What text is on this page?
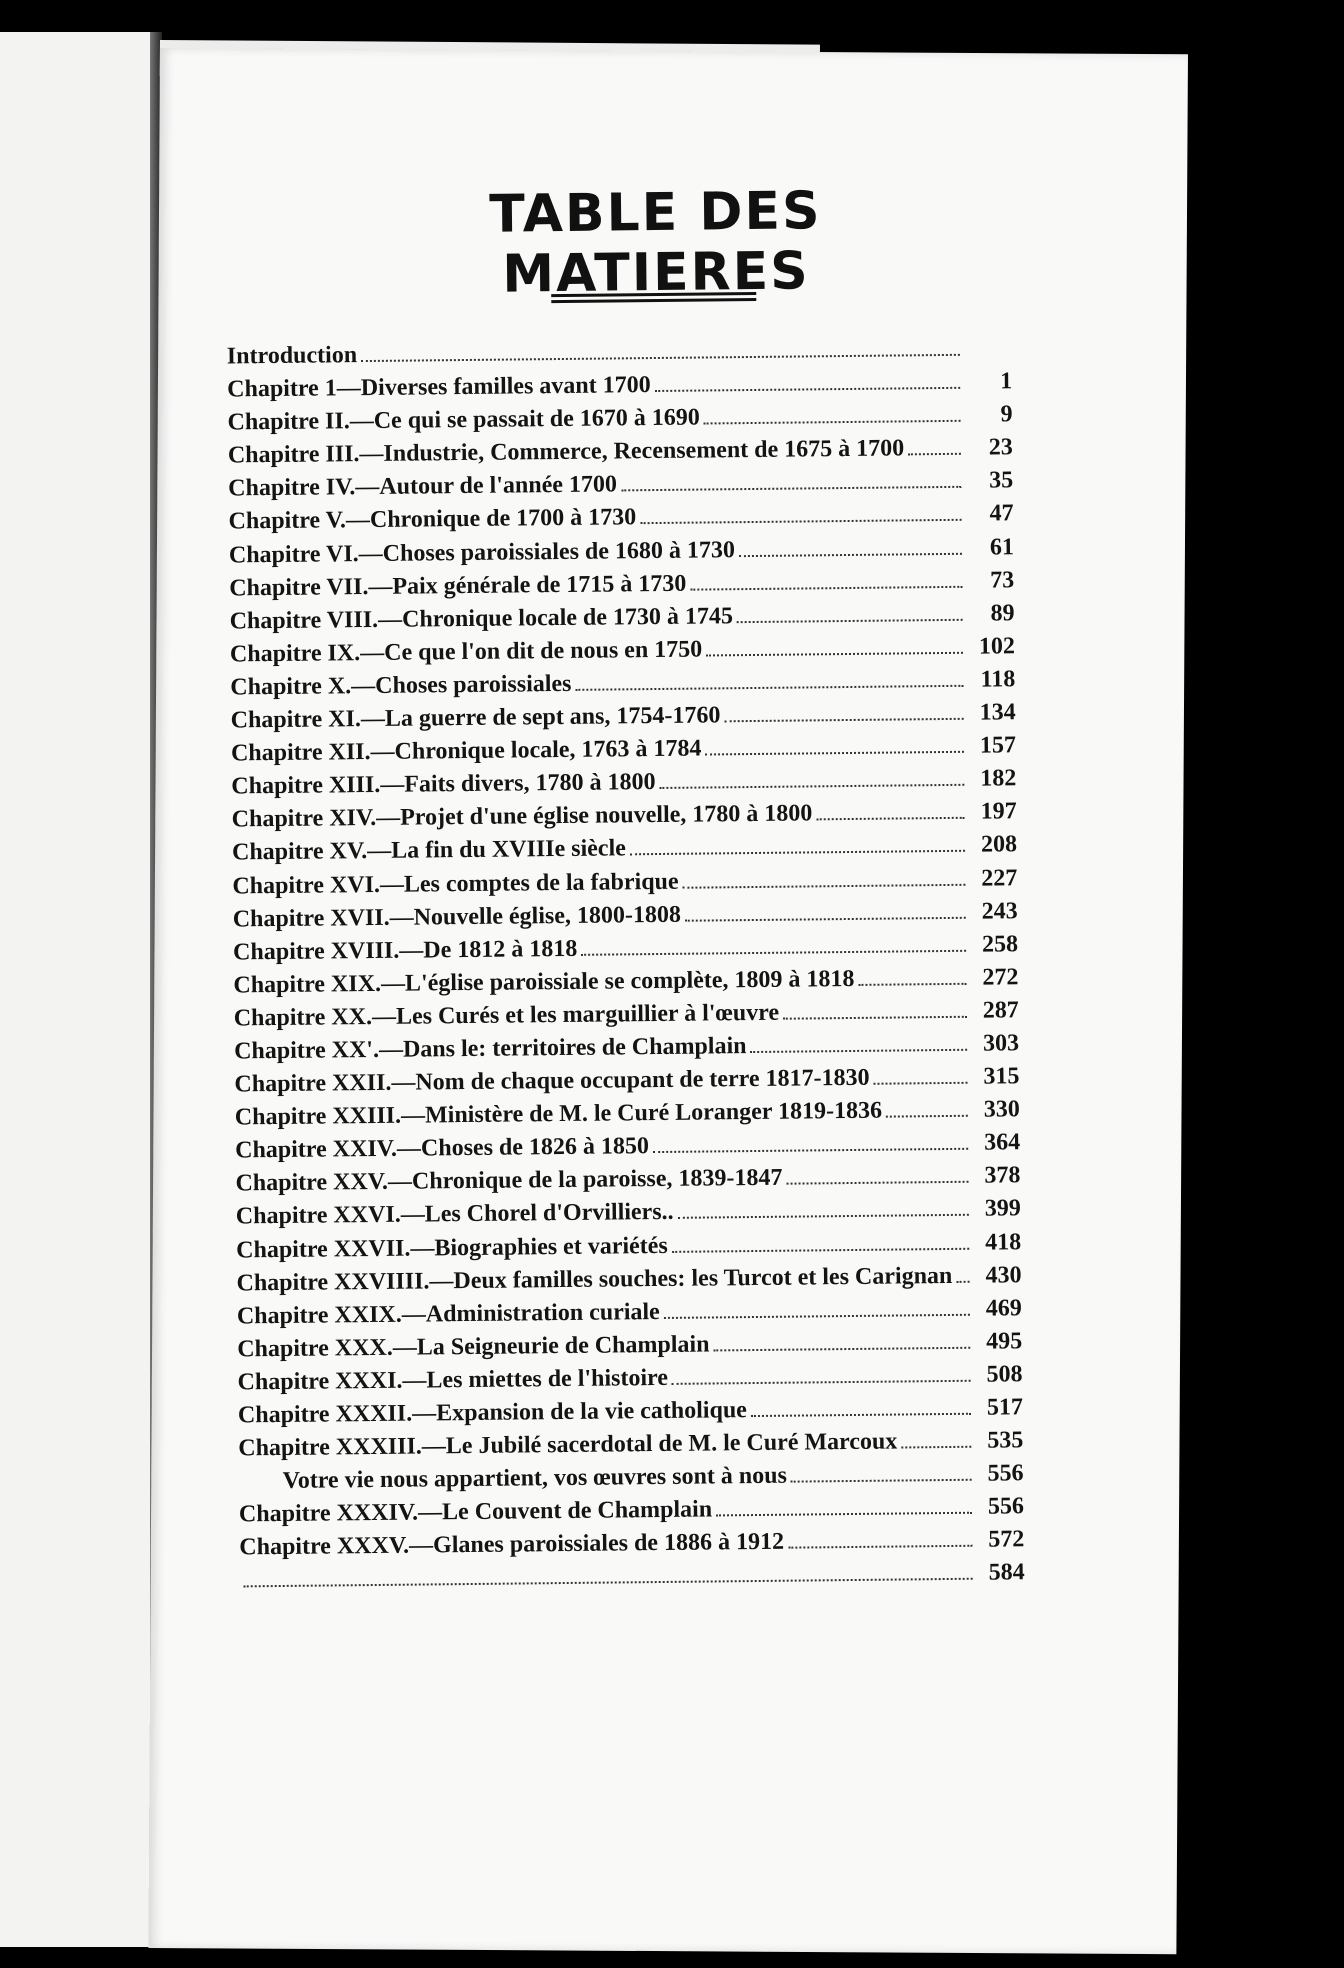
TABLE DES MATIERES
Introduction
Chapitre 1—Diverses familles avant 1700	1
Chapitre II.—Ce qui se passait de 1670 à 1690	9
Chapitre III.—Industrie, Commerce, Recensement de 1675 à 1700	23
Chapitre IV.—Autour de l'année 1700	35
Chapitre V.—Chronique de 1700 à 1730	47
Chapitre VI.—Choses paroissiales de 1680 à 1730	61
Chapitre VII.—Paix générale de 1715 à 1730	73
Chapitre VIII.—Chronique locale de 1730 à 1745	89
Chapitre IX.—Ce que l'on dit de nous en 1750	102
Chapitre X.—Choses paroissiales	118
Chapitre XI.—La guerre de sept ans, 1754-1760	134
Chapitre XII.—Chronique locale, 1763 à 1784	157
Chapitre XIII.—Faits divers, 1780 à 1800	182
Chapitre XIV.—Projet d'une église nouvelle, 1780 à 1800	197
Chapitre XV.—La fin du XVIIIe siècle	208
Chapitre XVI.—Les comptes de la fabrique	227
Chapitre XVII.—Nouvelle église, 1800-1808	243
Chapitre XVIII.—De 1812 à 1818	258
Chapitre XIX.—L'église paroissiale se complète, 1809 à 1818	272
Chapitre XX.—Les Curés et les marguillier à l'œuvre	287
Chapitre XX'.—Dans le: territoires de Champlain	303
Chapitre XXII.—Nom de chaque occupant de terre 1817-1830	315
Chapitre XXIII.—Ministère de M. le Curé Loranger 1819-1836	330
Chapitre XXIV.—Choses de 1826 à 1850	364
Chapitre XXV.—Chronique de la paroisse, 1839-1847	378
Chapitre XXVI.—Les Chorel d'Orvilliers..	399
Chapitre XXVII.—Biographies et variétés	418
Chapitre XXVIIII.—Deux familles souches: les Turcot et les Carignan	430
Chapitre XXIX.—Administration curiale	469
Chapitre XXX.—La Seigneurie de Champlain	495
Chapitre XXXI.—Les miettes de l'histoire	508
Chapitre XXXII.—Expansion de la vie catholique	517
Chapitre XXXIII.—Le Jubilé sacerdotal de M. le Curé Marcoux	535
Votre vie nous appartient, vos œuvres sont à nous	556
Chapitre XXXIV.—Le Couvent de Champlain	556
Chapitre XXXV.—Glanes paroissiales de 1886 à 1912	572
584
